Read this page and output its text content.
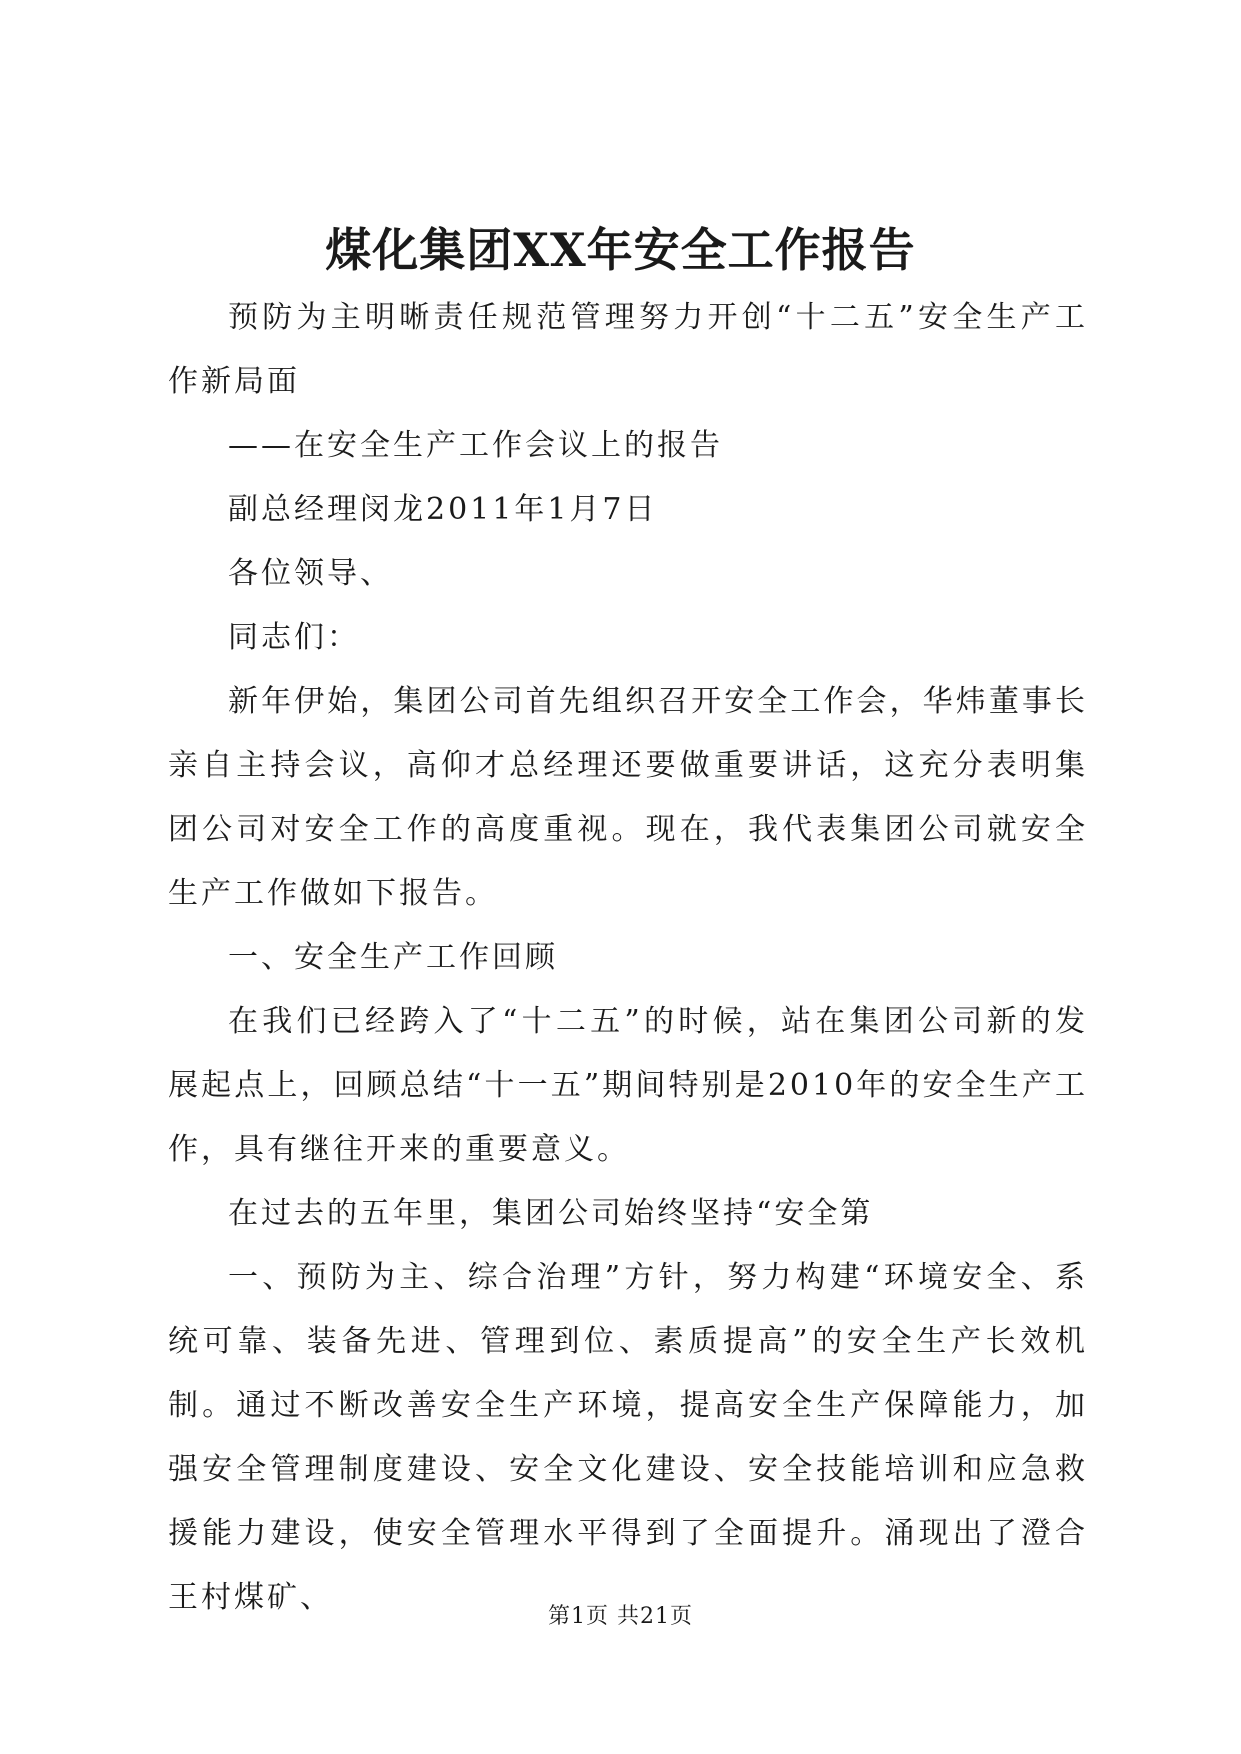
煤化集团XX年安全工作报告

预防为主明晰责任规范管理努力开创“十二五”安全生产工作新局面

——在安全生产工作会议上的报告

副总经理闵龙2011年1月7日

各位领导、

同志们：

新年伊始，集团公司首先组织召开安全工作会，华炜董事长亲自主持会议，高仰才总经理还要做重要讲话，这充分表明集团公司对安全工作的高度重视。现在，我代表集团公司就安全生产工作做如下报告。

一、安全生产工作回顾

在我们已经跨入了“十二五”的时候，站在集团公司新的发展起点上，回顾总结“十一五”期间特别是2010年的安全生产工作，具有继往开来的重要意义。

在过去的五年里，集团公司始终坚持“安全第

一、预防为主、综合治理”方针，努力构建“环境安全、系统可靠、装备先进、管理到位、素质提高”的安全生产长效机制。通过不断改善安全生产环境，提高安全生产保障能力，加强安全管理制度建设、安全文化建设、安全技能培训和应急救援能力建设，使安全管理水平得到了全面提升。涌现出了澄合王村煤矿、

第1页 共21页
